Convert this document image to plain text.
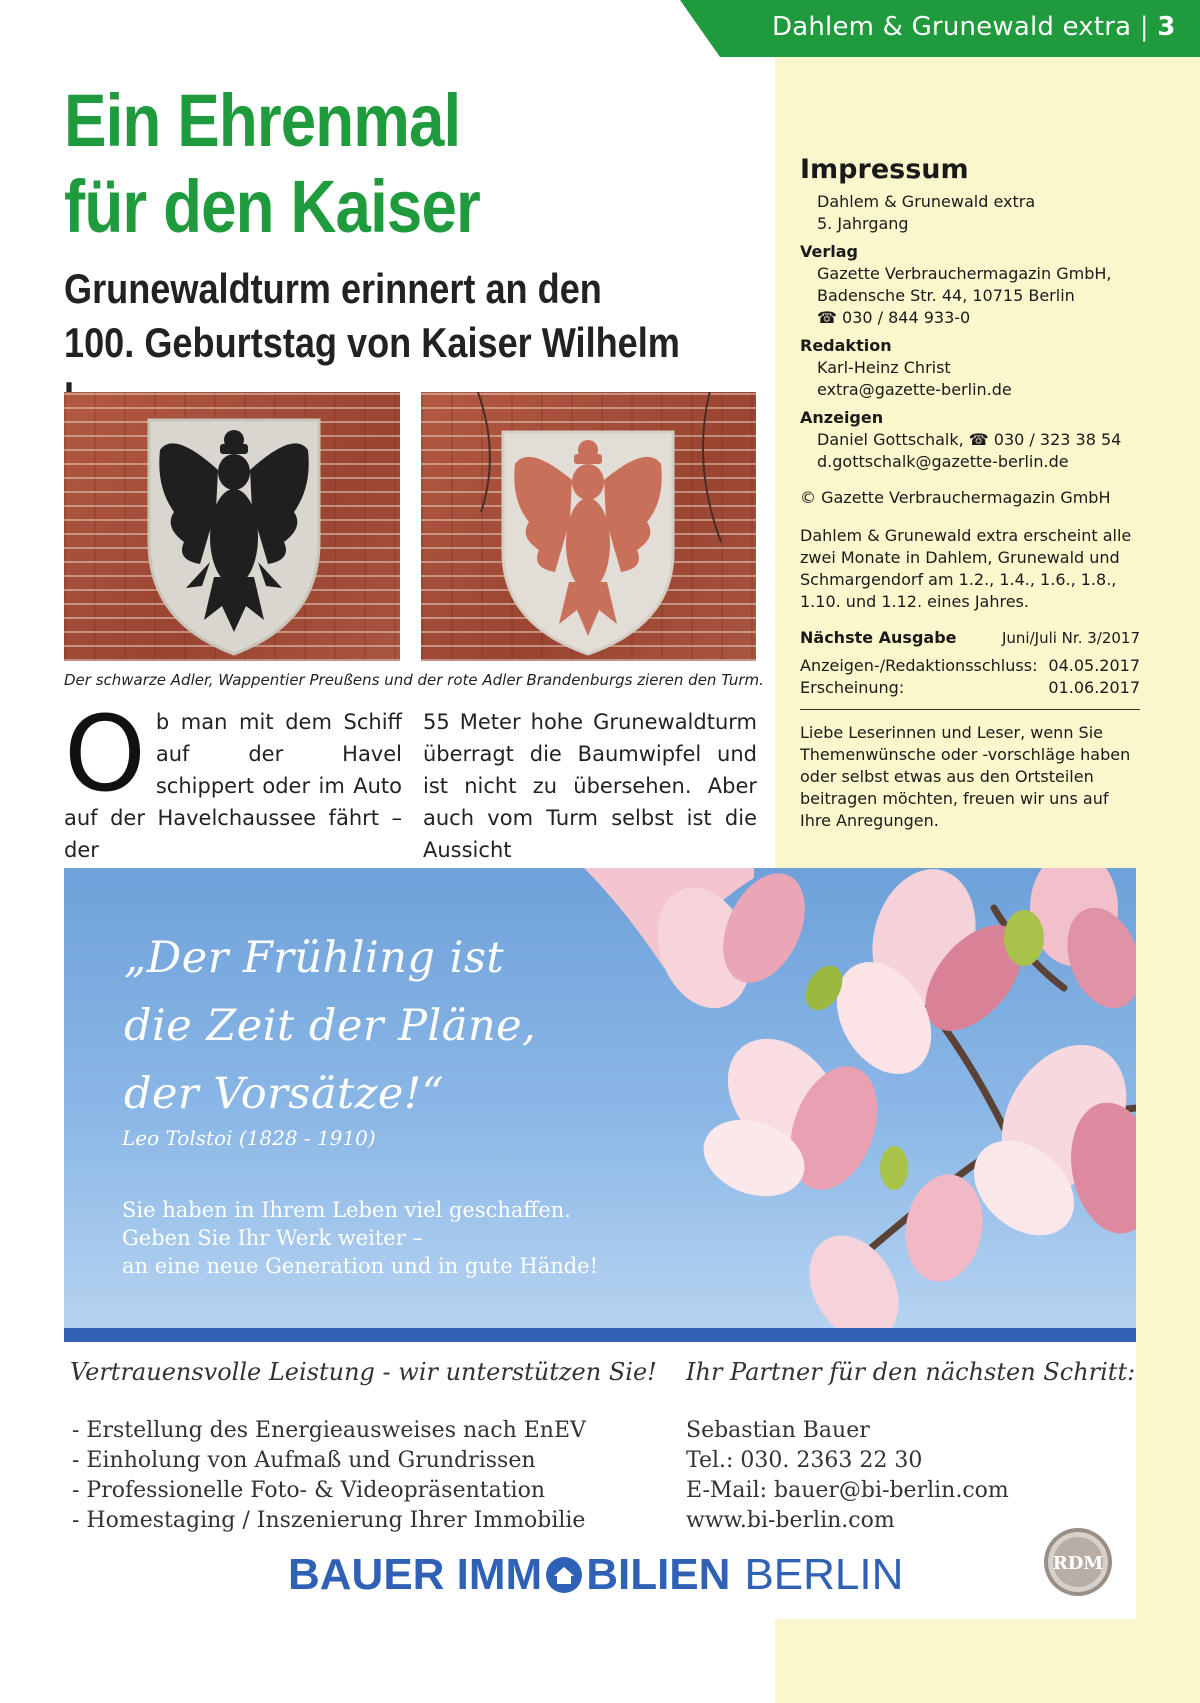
Dahlem & Grunewald extra | 3
Ein Ehrenmal
für den Kaiser
Grunewaldturm erinnert an den
100. Geburtstag von Kaiser Wilhelm
Der schwarze Adler, Wappentier Preußens und der rote Adler Brandenburgs zieren den Turm.
O b man mit dem Schiff auf der Havel schippert oder im Auto auf der Havelchaussee fährt – der
55 Meter hohe Grunewaldturm überragt die Baumwipfel und ist nicht zu übersehen. Aber auch vom Turm selbst ist die Aussicht
Impressum
Dahlem & Grunewald extra
5. Jahrgang
Verlag
Gazette Verbrauchermagazin GmbH,
Badensche Str. 44, 10715 Berlin
☎ 030 / 844 933-0
Redaktion
Karl-Heinz Christ
extra@gazette-berlin.de
Anzeigen
Daniel Gottschalk, ☎ 030 / 323 38 54
d.gottschalk@gazette-berlin.de
© Gazette Verbrauchermagazin GmbH
Dahlem & Grunewald extra erscheint alle zwei Monate in Dahlem, Grunewald und Schmargendorf am 1.2., 1.4., 1.6., 1.8., 1.10. und 1.12. eines Jahres.
Nächste Ausgabe	Juni/Juli Nr. 3/2017
Anzeigen-/Redaktionsschluss: 04.05.2017
Erscheinung:	01.06.2017
Liebe Leserinnen und Leser, wenn Sie Themenwünsche oder -vorschläge haben oder selbst etwas aus den Ortsteilen beitragen möchten, freuen wir uns auf Ihre Anregungen.
„Der Frühling ist
die Zeit der Pläne,
der Vorsätze!“
Leo Tolstoi (1828 - 1910)
Sie haben in Ihrem Leben viel geschaffen.
Geben Sie Ihr Werk weiter –
an eine neue Generation und in gute Hände!
Vertrauensvolle Leistung - wir unterstützen Sie! Ihr Partner für den nächsten Schritt:
- Erstellung des Energieausweises nach EnEV
- Einholung von Aufmaß und Grundrissen
- Professionelle Foto- & Videopräsentation
- Homestaging / Inszenierung Ihrer Immobilie
Sebastian Bauer
Tel.: 030. 2363 22 30
E-Mail: bauer@bi-berlin.com
www.bi-berlin.com
BAUER IMM BILIEN BERLIN	RDM
